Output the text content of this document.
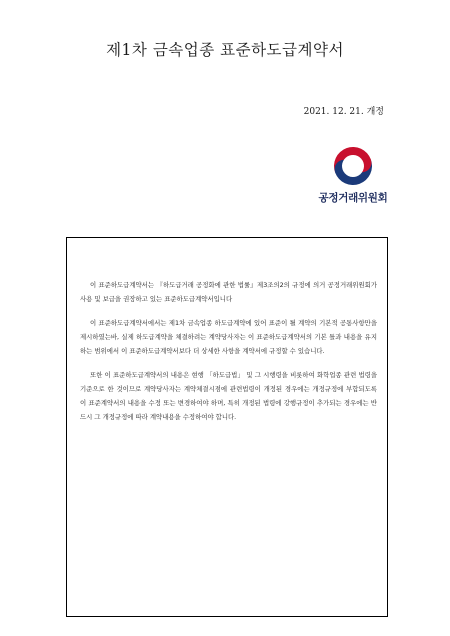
제1차 금속업종 표준하도급계약서
2021. 12. 21. 개정
공정거래위원회

이 표준하도급계약서는 『하도급거래 공정화에 관한 법률』제3조의2의 규정에 의거 공정거래위원회가 사용 및 보급을 권장하고 있는 표준하도급계약서입니다

이 표준하도급계약서에서는 제1차 금속업종 하도급계약에 있어 표준이 될 계약의 기본적 공통사항만을 제시하였는바, 실제 하도급계약을 체결하려는 계약당사자는 이 표준하도급계약서의 기본 틀과 내용을 유지하는 범위에서 이 표준하도급계약서보다 더 상세한 사항을 계약서에 규정할 수 있습니다.

또한 이 표준하도급계약서의 내용은 현행 「하도급법」 및 그 시행령을 비롯하여 화학업종 관련 법령을 기준으로 한 것이므로 계약당사자는 계약체결시점에 관련법령이 개정된 경우에는 개정규정에 부합되도록 이 표준계약서의 내용을 수정 또는 변경하여야 하며, 특히 개정된 법령에 강행규정이 추가되는 경우에는 반드시 그 개정규정에 따라 계약내용을 수정하여야 합니다.
